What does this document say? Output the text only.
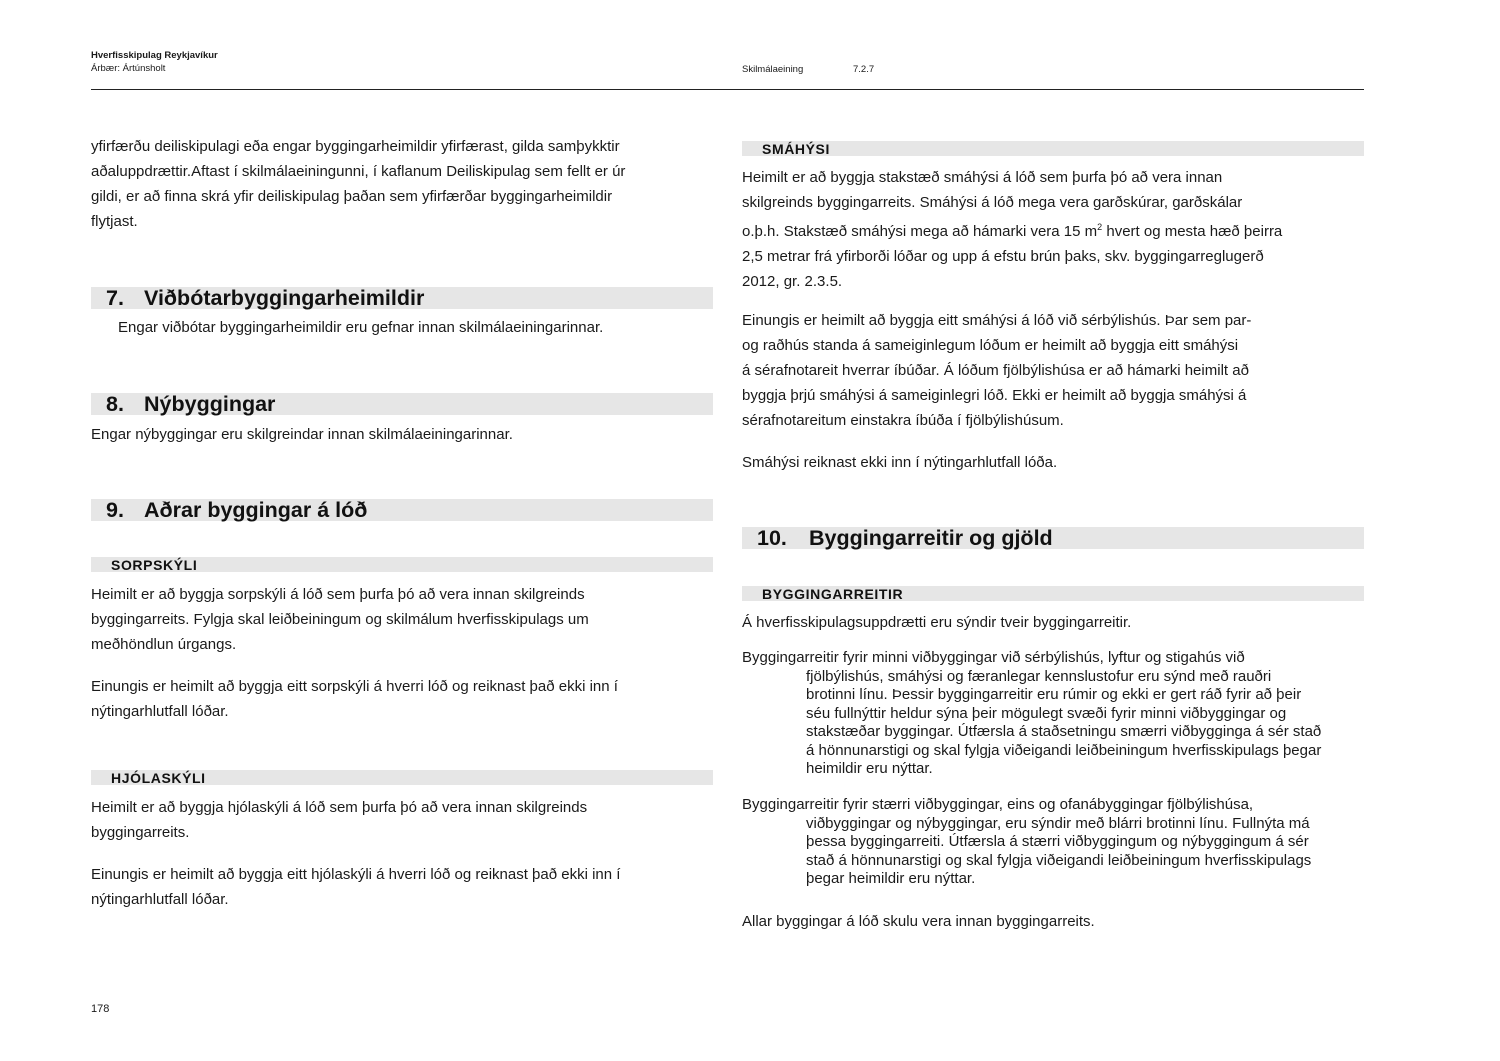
Hverfisskipulag Reykjavíkur
Árbær: Ártúnsholt	Skilmálaeining	7.2.7

yfirfærðu deiliskipulagi eða engar byggingarheimildir yfirfærast, gilda samþykktir

aðaluppdrættir.Aftast í skilmálaeiningunni, í kaflanum Deiliskipulag sem fellt er úr

gildi, er að finna skrá yfir deiliskipulag þaðan sem yfirfærðar byggingarheimildir

flytjast.

7. Viðbótarbyggingarheimildir

Engar viðbótar byggingarheimildir eru gefnar innan skilmálaeiningarinnar.

8. Nýbyggingar

Engar nýbyggingar eru skilgreindar innan skilmálaeiningarinnar.

9. Aðrar byggingar á lóð
SORPSKÝLI

Heimilt er að byggja sorpskýli á lóð sem þurfa þó að vera innan skilgreinds

byggingarreits. Fylgja skal leiðbeiningum og skilmálum hverfisskipulags um

meðhöndlun úrgangs.

Einungis er heimilt að byggja eitt sorpskýli á hverri lóð og reiknast það ekki inn í

nýtingarhlutfall lóðar.

HJÓLASKÝLI

Heimilt er að byggja hjólaskýli á lóð sem þurfa þó að vera innan skilgreinds

byggingarreits.

Einungis er heimilt að byggja eitt hjólaskýli á hverri lóð og reiknast það ekki inn í

nýtingarhlutfall lóðar.

SMÁHÝSI

Heimilt er að byggja stakstæð smáhýsi á lóð sem þurfa þó að vera innan

skilgreinds byggingarreits. Smáhýsi á lóð mega vera garðskúrar, garðskálar

o.þ.h. Stakstæð smáhýsi mega að hámarki vera 15 $m^2$ hvert og mesta hæð þeirra

2,5 metrar frá yfirborði lóðar og upp á efstu brún þaks, skv. byggingarreglugerð

2012, gr. 2.3.5.

Einungis er heimilt að byggja eitt smáhýsi á lóð við sérbýlishús. Þar sem par-

og raðhús standa á sameiginlegum lóðum er heimilt að byggja eitt smáhýsi

á sérafnotareit hverrar íbúðar. Á lóðum fjölbýlishúsa er að hámarki heimilt að

byggja þrjú smáhýsi á sameiginlegri lóð. Ekki er heimilt að byggja smáhýsi á

sérafnotareitum einstakra íbúða í fjölbýlishúsum.

Smáhýsi reiknast ekki inn í nýtingarhlutfall lóða.

10. Byggingarreitir og gjöld
BYGGINGARREITIR

Á hverfisskipulagsuppdrætti eru sýndir tveir byggingarreitir.

Byggingarreitir fyrir minni viðbyggingar við sérbýlishús, lyftur og stigahús við
fjölbýlishús, smáhýsi og færanlegar kennslustofur eru sýnd með rauðri
brotinni línu. Þessir byggingarreitir eru rúmir og ekki er gert ráð fyrir að þeir
séu fullnýttir heldur sýna þeir mögulegt svæði fyrir minni viðbyggingar og
stakstæðar byggingar. Útfærsla á staðsetningu smærri viðbygginga á sér stað
á hönnunarstigi og skal fylgja viðeigandi leiðbeiningum hverfisskipulags þegar
heimildir eru nýttar.
Byggingarreitir fyrir stærri viðbyggingar, eins og ofanábyggingar fjölbýlishúsa,
viðbyggingar og nýbyggingar, eru sýndir með blárri brotinni línu. Fullnýta má
þessa byggingarreiti. Útfærsla á stærri viðbyggingum og nýbyggingum á sér
stað á hönnunarstigi og skal fylgja viðeigandi leiðbeiningum hverfisskipulags
þegar heimildir eru nýttar.

Allar byggingar á lóð skulu vera innan byggingarreits.

178
